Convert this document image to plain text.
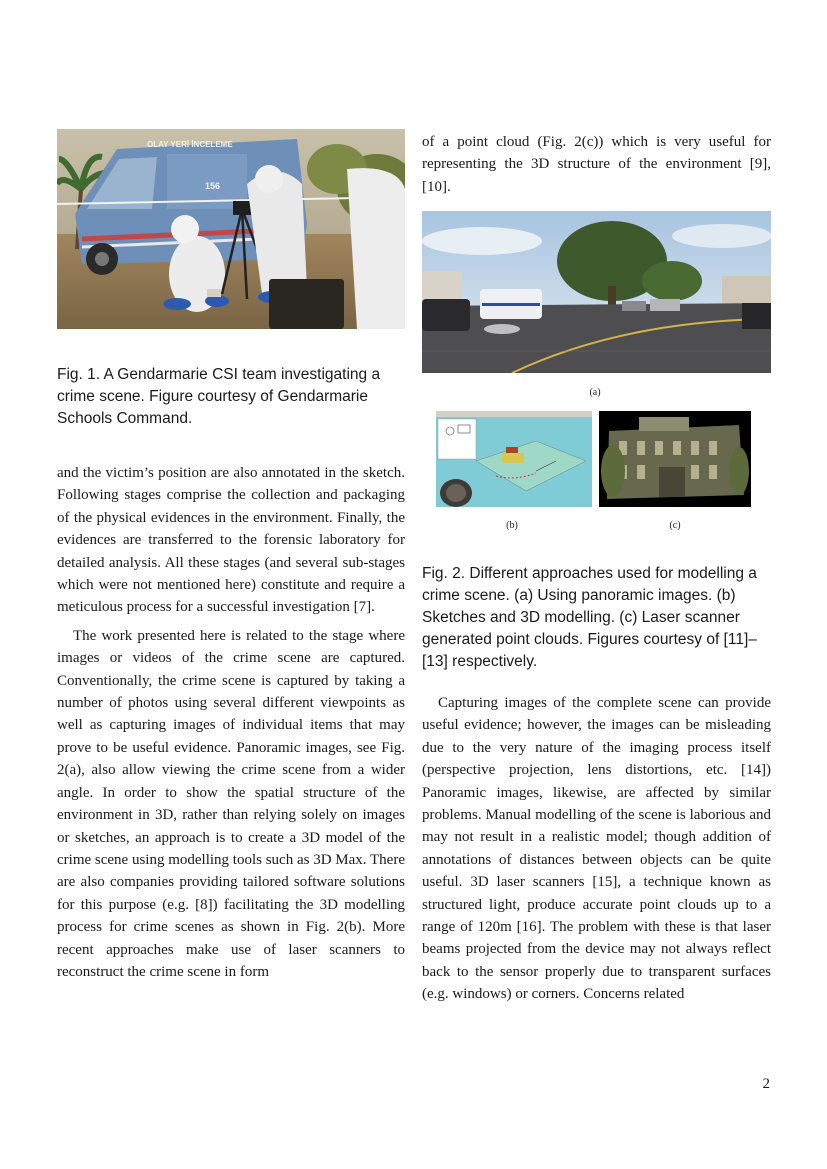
OLAY YERİ İNCELEME
156

Fig. 1. A Gendarmarie CSI team investigating a crime scene. Figure courtesy of Gendarmarie Schools Command.

and the victim’s position are also annotated in the sketch. Following stages comprise the collection and packaging of the physical evidences in the environment. Finally, the evidences are transferred to the forensic laboratory for detailed analysis. All these stages (and several sub-stages which were not mentioned here) constitute and require a meticulous process for a successful investigation [7].

The work presented here is related to the stage where images or videos of the crime scene are captured. Conventionally, the crime scene is captured by taking a number of photos using several different viewpoints as well as capturing images of individual items that may prove to be useful evidence. Panoramic images, see Fig. 2(a), also allow viewing the crime scene from a wider angle. In order to show the spatial structure of the environment in 3D, rather than relying solely on images or sketches, an approach is to create a 3D model of the crime scene using modelling tools such as 3D Max. There are also companies providing tailored software solutions for this purpose (e.g. [8]) facilitating the 3D modelling process for crime scenes as shown in Fig. 2(b). More recent approaches make use of laser scanners to reconstruct the crime scene in form

of a point cloud (Fig. 2(c)) which is very useful for representing the 3D structure of the environment [9], [10].

(a)
(b)	(c)

Fig. 2. Different approaches used for modelling a crime scene. (a) Using panoramic images. (b) Sketches and 3D modelling. (c) Laser scanner generated point clouds. Figures courtesy of [11]–[13] respectively.

Capturing images of the complete scene can provide useful evidence; however, the images can be misleading due to the very nature of the imaging process itself (perspective projection, lens distortions, etc. [14]) Panoramic images, likewise, are affected by similar problems. Manual modelling of the scene is laborious and may not result in a realistic model; though addition of annotations of distances between objects can be quite useful. 3D laser scanners [15], a technique known as structured light, produce accurate point clouds up to a range of 120m [16]. The problem with these is that laser beams projected from the device may not always reflect back to the sensor properly due to transparent surfaces (e.g. windows) or corners. Concerns related

2
